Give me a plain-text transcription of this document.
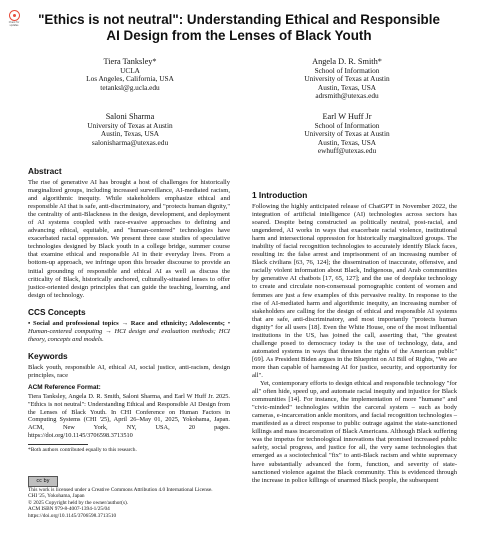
Check for updates	"Ethics is not neutral": Understanding Ethical and Responsible AI Design from the Lenses of Black Youth
Tiera Tanksley*
UCLA
Los Angeles, California, USA
tetanksl@g.ucla.edu
Angela D. R. Smith*
School of Information
University of Texas at Austin
Austin, Texas, USA
adrsmith@utexas.edu
Saloni Sharma
University of Texas at Austin
Austin, Texas, USA
salonisharma@utexas.edu
Earl W Huff Jr
School of Information
University of Texas at Austin
Austin, Texas, USA
ewhuff@utexas.edu
Abstract

The rise of generative AI has brought a host of challenges for historically marginalized groups, including increased surveillance, AI-mediated racism, and algorithmic inequity. While stakeholders emphasize ethical and responsible AI that is safe, anti-discriminatory, and "protects human dignity," the centrality of anti-Blackness in the design, development, and deployment of AI systems coupled with race-evasive approaches to defining and advancing ethical, equitable, and "human-centered" technologies have exacerbated racial oppression. We present three case studies of speculative technologies designed by Black youth in a college bridge, summer course that examine ethical and responsible AI in their everyday lives. From a bottom-up approach, we infringe upon this broader discourse to provide an initial grounding of responsible and ethical AI as well as discuss the criticality of Black, historically anchored, culturally-situated lenses to offer justice-oriented design principles that can guide the teaching, learning, and design of technology.

CCS Concepts

• Social and professional topics → Race and ethnicity; Adolescents; • Human-centered computing → HCI design and evaluation methods; HCI theory, concepts and models.

Keywords

Black youth, responsible AI, ethical AI, social justice, anti-racism, design principles, race

ACM Reference Format:

Tiera Tanksley, Angela D. R. Smith, Saloni Sharma, and Earl W Huff Jr. 2025. "Ethics is not neutral": Understanding Ethical and Responsible AI Design from the Lenses of Black Youth. In CHI Conference on Human Factors in Computing Systems (CHI '25), April 26–May 01, 2025, Yokohama, Japan. ACM, New York, NY, USA, 20 pages. https://doi.org/10.1145/3706598.3713510

*Both authors contributed equally to this research.

cc by

This work is licensed under a Creative Commons Attribution 4.0 International License.

CHI '25, Yokohama, Japan

© 2025 Copyright held by the owner/author(s).

ACM ISBN 979-8-4007-1394-1/25/04

https://doi.org/10.1145/3706598.3713510

1 Introduction

Following the highly anticipated release of ChatGPT in November 2022, the integration of artificial intelligence (AI) technologies across sectors has soared. Despite being constructed as politically neutral, post-racial, and ungendered, AI works in ways that exacerbate racial violence, institutional harm and intersectional oppression for historically marginalized groups. The inability of facial recognition technologies to accurately identify Black faces, resulting in: the false arrest and imprisonment of an increasing number of Black civilians [63, 76, 124]; the dissemination of inaccurate, offensive, and racially violent information about Black, Indigenous, and Arab communities by generative AI chatbots [17, 65, 127]; and the use of deepfake technology to create and circulate non-consensual pornographic content of women and femmes are just a few examples of this pervasive reality. In response to the rise of AI-mediated harm and algorithmic inequity, an increasing number of stakeholders are calling for the design of ethical and responsible AI systems that are safe, anti-discriminatory, and most importantly "protects human dignity" for all users [18]. Even the White House, one of the most influential institutions in the US, has joined the call, asserting that, "the greatest challenge posed to democracy today is the use of technology, data, and automated systems in ways that threaten the rights of the American public" [69]. As President Biden argues in the Blueprint on AI Bill of Rights, "We are more than capable of harnessing AI for justice, security, and opportunity for all".

Yet, contemporary efforts to design ethical and responsible technology "for all" often hide, speed up, and automate racial inequity and injustice for Black communities [14]. For instance, the implementation of more "humane" and "civic-minded" technologies within the carceral system – such as body cameras, e-incarceration ankle monitors, and facial recognition technologies – manifested as a direct response to public outrage against the state-sanctioned killings and mass incarceration of Black Americans. Although Black suffering was the impetus for technological innovations that promised increased public safety, social progress, and justice for all, the very same technologies that emerged as a sociotechnical "fix" to anti-Black racism and white supremacy have substantially advanced the form, function, and severity of state-sanctioned violence against the Black community. This is evidenced through the increase in police killings of unarmed Black people, the subsequent
